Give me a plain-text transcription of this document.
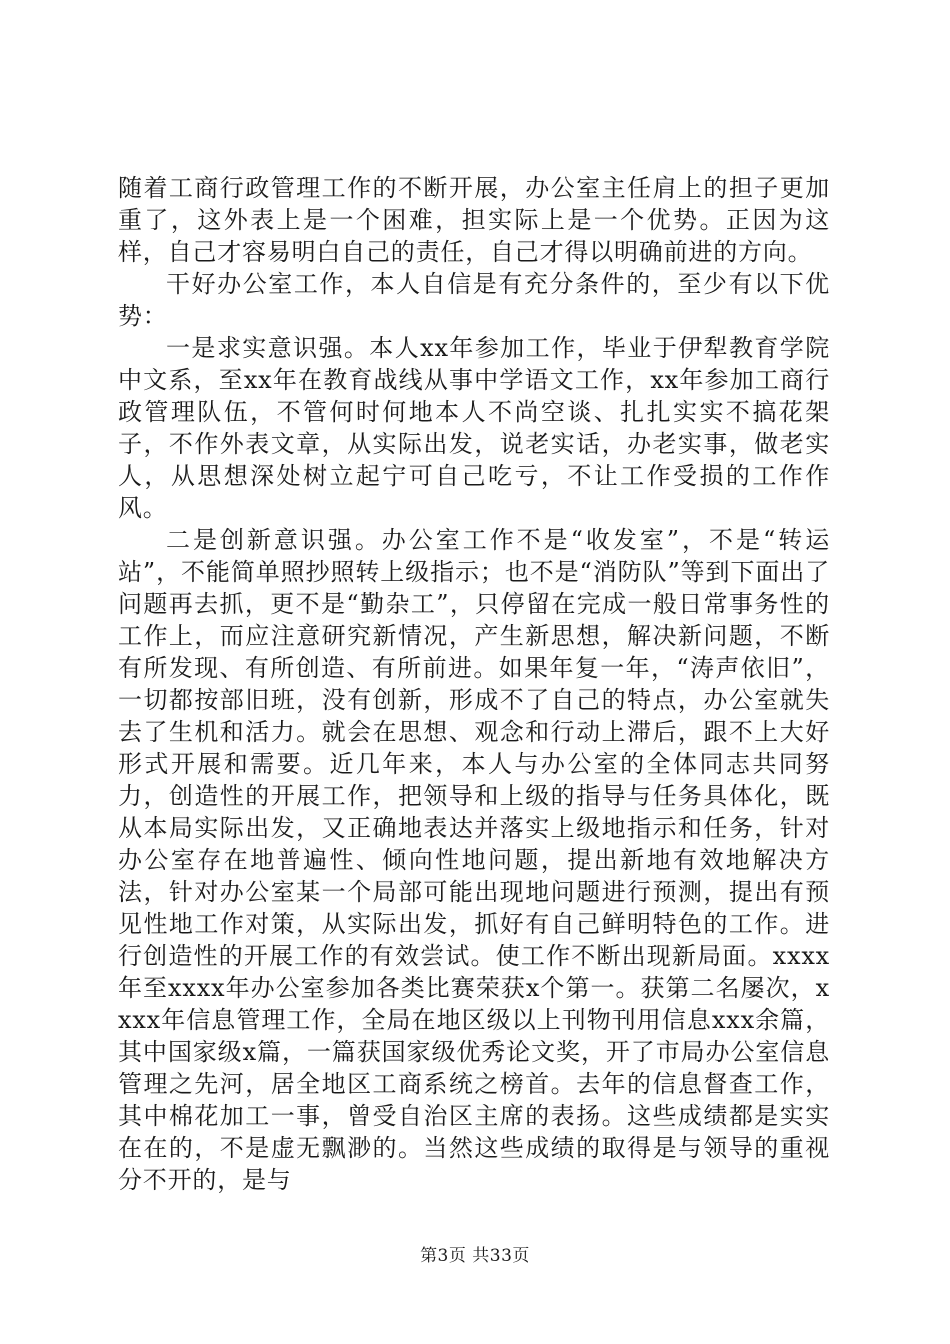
随着工商行政管理工作的不断开展，办公室主任肩上的担子更加重了，这外表上是一个困难，担实际上是一个优势。正因为这样，自己才容易明白自己的责任，自己才得以明确前进的方向。

干好办公室工作，本人自信是有充分条件的，至少有以下优势：

一是求实意识强。本人xx年参加工作，毕业于伊犁教育学院中文系，至xx年在教育战线从事中学语文工作，xx年参加工商行政管理队伍，不管何时何地本人不尚空谈、扎扎实实不搞花架子，不作外表文章，从实际出发，说老实话，办老实事，做老实人，从思想深处树立起宁可自己吃亏，不让工作受损的工作作风。

二是创新意识强。办公室工作不是“收发室”，不是“转运站”，不能简单照抄照转上级指示；也不是“消防队”等到下面出了问题再去抓，更不是“勤杂工”，只停留在完成一般日常事务性的工作上，而应注意研究新情况，产生新思想，解决新问题，不断有所发现、有所创造、有所前进。如果年复一年，“涛声依旧”，一切都按部旧班，没有创新，形成不了自己的特点，办公室就失去了生机和活力。就会在思想、观念和行动上滞后，跟不上大好形式开展和需要。近几年来，本人与办公室的全体同志共同努力，创造性的开展工作，把领导和上级的指导与任务具体化，既从本局实际出发，又正确地表达并落实上级地指示和任务，针对办公室存在地普遍性、倾向性地问题，提出新地有效地解决方法，针对办公室某一个局部可能出现地问题进行预测，提出有预见性地工作对策，从实际出发，抓好有自己鲜明特色的工作。进行创造性的开展工作的有效尝试。使工作不断出现新局面。xxxx年至xxxx年办公室参加各类比赛荣获x个第一。获第二名屡次，xxxx年信息管理工作，全局在地区级以上刊物刊用信息xxx余篇，其中国家级x篇，一篇获国家级优秀论文奖，开了市局办公室信息管理之先河，居全地区工商系统之榜首。去年的信息督查工作，其中棉花加工一事，曾受自治区主席的表扬。这些成绩都是实实在在的，不是虚无飘渺的。当然这些成绩的取得是与领导的重视分不开的，是与

第3页 共33页
